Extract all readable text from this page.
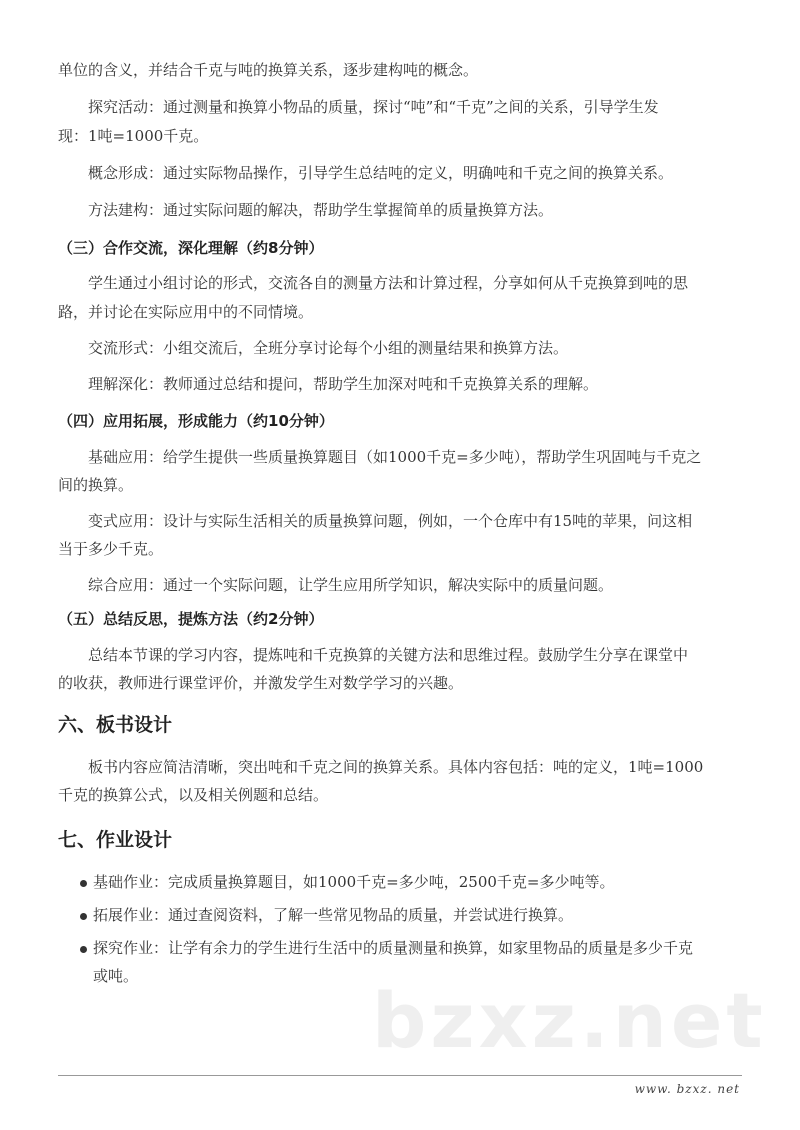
单位的含义，并结合千克与吨的换算关系，逐步建构吨的概念。
探究活动：通过测量和换算小物品的质量，探讨“吨”和“千克”之间的关系，引导学生发
现：1吨=1000千克。
概念形成：通过实际物品操作，引导学生总结吨的定义，明确吨和千克之间的换算关系。
方法建构：通过实际问题的解决，帮助学生掌握简单的质量换算方法。
（三）合作交流，深化理解（约8分钟）
学生通过小组讨论的形式，交流各自的测量方法和计算过程，分享如何从千克换算到吨的思
路，并讨论在实际应用中的不同情境。
交流形式：小组交流后，全班分享讨论每个小组的测量结果和换算方法。
理解深化：教师通过总结和提问，帮助学生加深对吨和千克换算关系的理解。
（四）应用拓展，形成能力（约10分钟）
基础应用：给学生提供一些质量换算题目（如1000千克=多少吨），帮助学生巩固吨与千克之
间的换算。
变式应用：设计与实际生活相关的质量换算问题，例如，一个仓库中有15吨的苹果，问这相
当于多少千克。
综合应用：通过一个实际问题，让学生应用所学知识，解决实际中的质量问题。
（五）总结反思，提炼方法（约2分钟）
总结本节课的学习内容，提炼吨和千克换算的关键方法和思维过程。鼓励学生分享在课堂中
的收获，教师进行课堂评价，并激发学生对数学学习的兴趣。
六、板书设计
板书内容应简洁清晰，突出吨和千克之间的换算关系。具体内容包括：吨的定义，1吨=1000
千克的换算公式，以及相关例题和总结。
七、作业设计
基础作业：完成质量换算题目，如1000千克=多少吨，2500千克=多少吨等。
拓展作业：通过查阅资料，了解一些常见物品的质量，并尝试进行换算。
探究作业：让学有余力的学生进行生活中的质量测量和换算，如家里物品的质量是多少千克
或吨。	bzxz.net
www. bzxz. net
